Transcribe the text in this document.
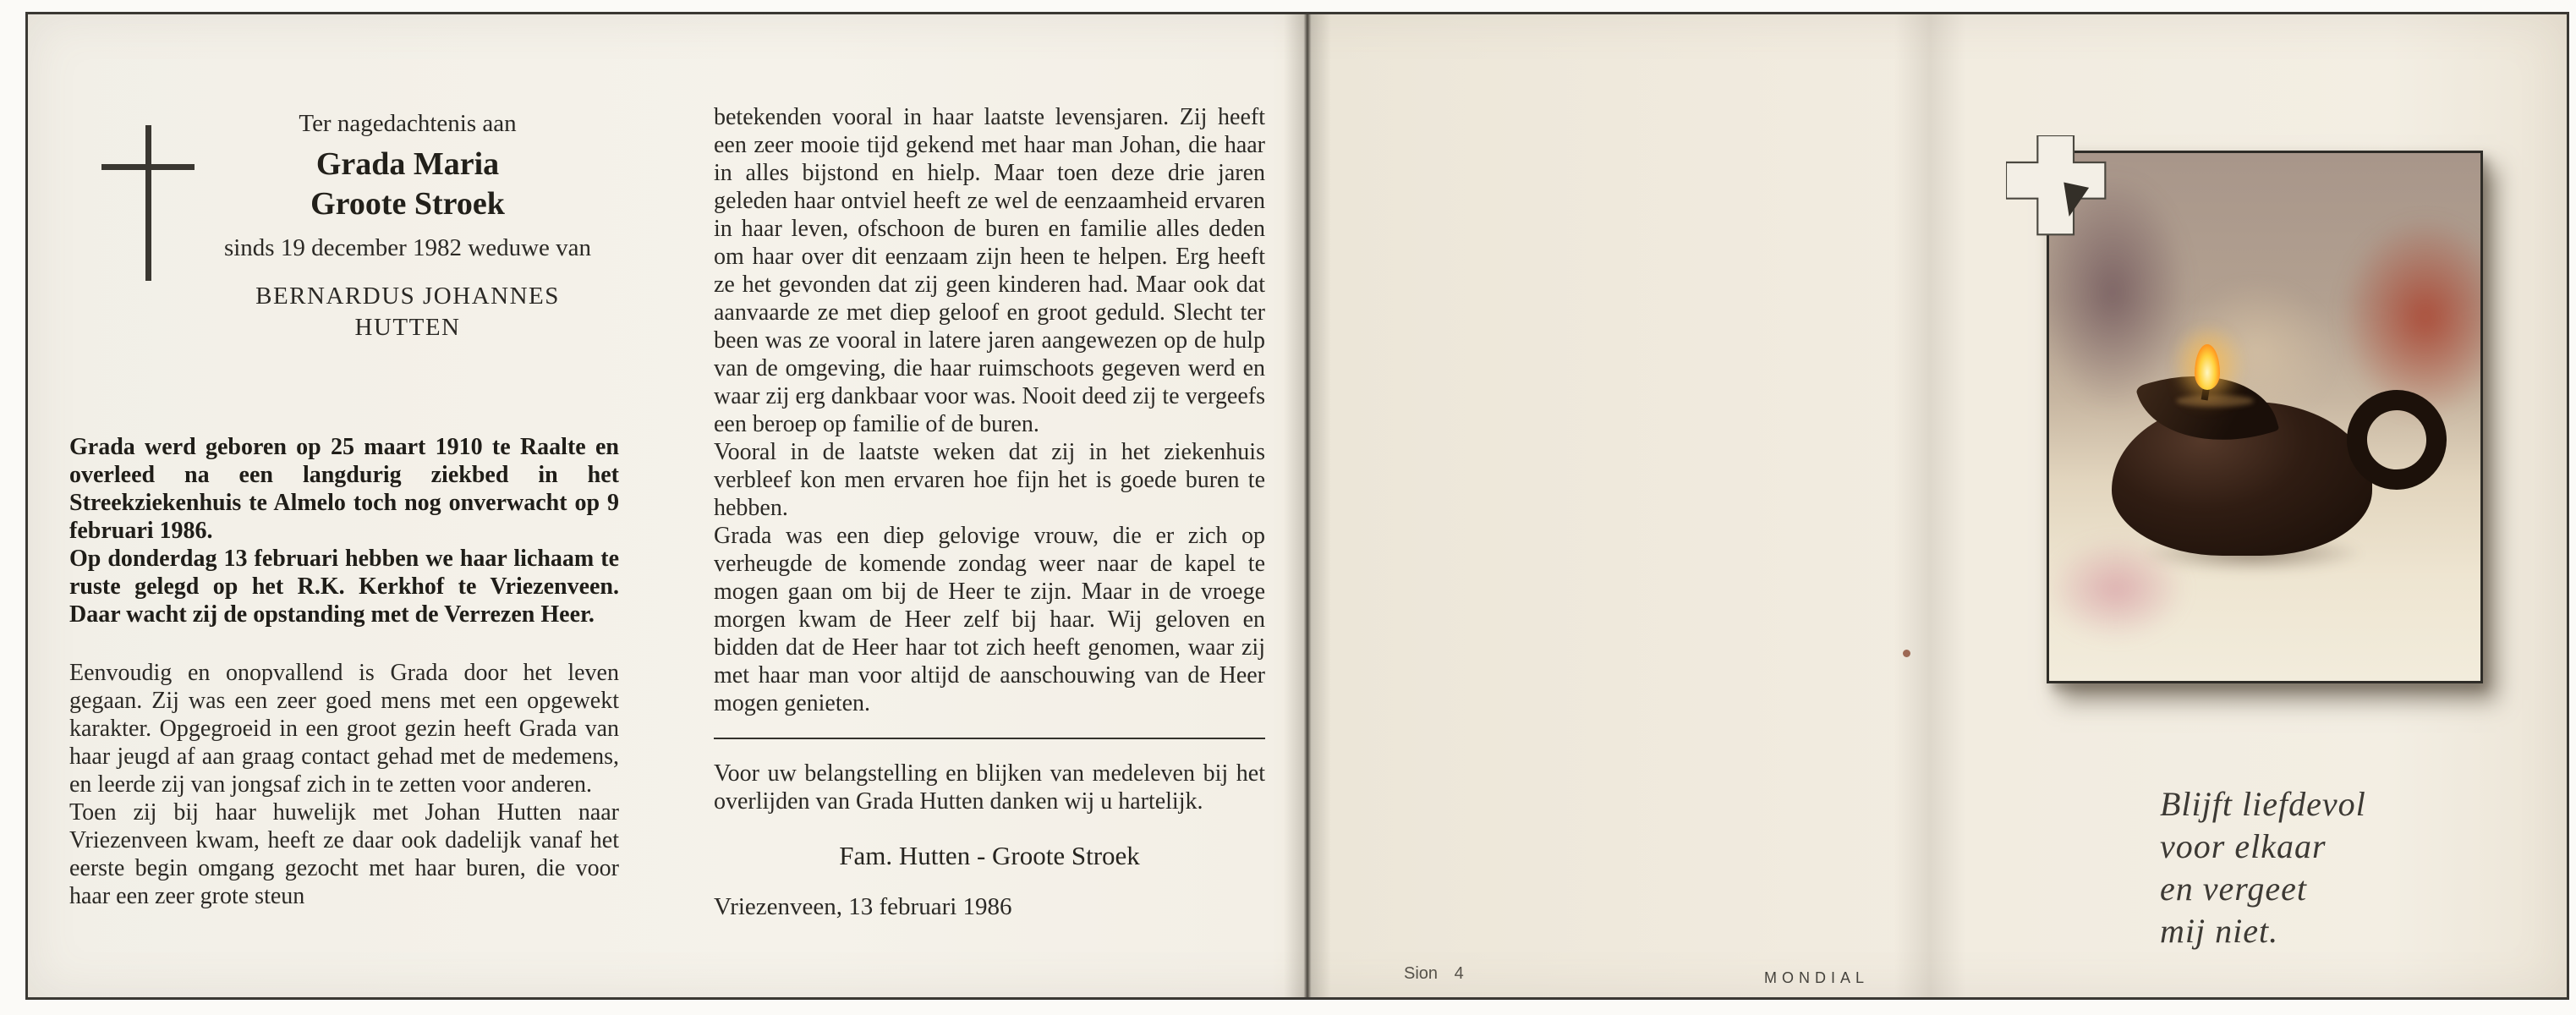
Ter nagedachtenis aan
Grada Maria
Groote Stroek
sinds 19 december 1982 weduwe van
BERNARDUS JOHANNES
HUTTEN

Grada werd geboren op 25 maart 1910 te Raalte en overleed na een langdurig ziekbed in het Streekziekenhuis te Almelo toch nog onverwacht op 9 februari 1986.

Op donderdag 13 februari hebben we haar lichaam te ruste gelegd op het R.K. Kerkhof te Vriezenveen. Daar wacht zij de opstanding met de Verrezen Heer.

Eenvoudig en onopvallend is Grada door het leven gegaan. Zij was een zeer goed mens met een opgewekt karakter. Opgegroeid in een groot gezin heeft Grada van haar jeugd af aan graag contact gehad met de medemens, en leerde zij van jongsaf zich in te zetten voor anderen.

Toen zij bij haar huwelijk met Johan Hutten naar Vriezenveen kwam, heeft ze daar ook dadelijk vanaf het eerste begin omgang gezocht met haar buren, die voor haar een zeer grote steun

betekenden vooral in haar laatste levensjaren. Zij heeft een zeer mooie tijd gekend met haar man Johan, die haar in alles bijstond en hielp. Maar toen deze drie jaren geleden haar ontviel heeft ze wel de eenzaamheid ervaren in haar leven, ofschoon de buren en familie alles deden om haar over dit eenzaam zijn heen te helpen. Erg heeft ze het gevonden dat zij geen kinderen had. Maar ook dat aanvaarde ze met diep geloof en groot geduld. Slecht ter been was ze vooral in latere jaren aangewezen op de hulp van de omgeving, die haar ruimschoots gegeven werd en waar zij erg dankbaar voor was. Nooit deed zij te vergeefs een beroep op familie of de buren.

Vooral in de laatste weken dat zij in het ziekenhuis verbleef kon men ervaren hoe fijn het is goede buren te hebben.

Grada was een diep gelovige vrouw, die er zich op verheugde de komende zondag weer naar de kapel te mogen gaan om bij de Heer te zijn. Maar in de vroege morgen kwam de Heer zelf bij haar. Wij geloven en bidden dat de Heer haar tot zich heeft genomen, waar zij met haar man voor altijd de aanschouwing van de Heer mogen genieten.

Voor uw belangstelling en blijken van medeleven bij het overlijden van Grada Hutten danken wij u hartelijk.

Fam. Hutten - Groote Stroek
Vriezenveen, 13 februari 1986
Sion 4	MONDIAL
Blijft liefdevol
voor elkaar
en vergeet
mij niet.
